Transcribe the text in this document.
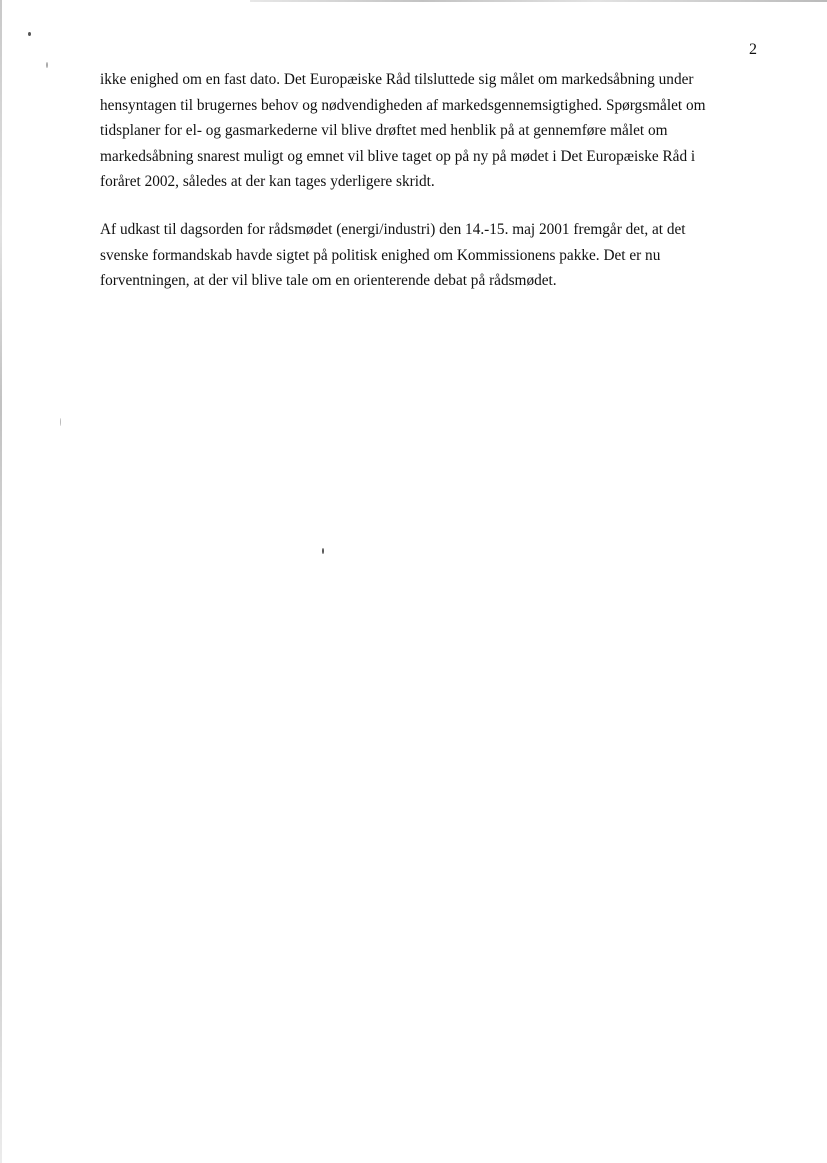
2
ikke enighed om en fast dato. Det Europæiske Råd tilsluttede sig målet om markedsåbning under
hensyntagen til brugernes behov og nødvendigheden af markedsgennemsigtighed. Spørgsmålet om
tidsplaner for el- og gasmarkederne vil blive drøftet med henblik på at gennemføre målet om
markedsåbning snarest muligt og emnet vil blive taget op på ny på mødet i Det Europæiske Råd i
foråret 2002, således at der kan tages yderligere skridt.
Af udkast til dagsorden for rådsmødet (energi/industri) den 14.-15. maj 2001 fremgår det, at det
svenske formandskab havde sigtet på politisk enighed om Kommissionens pakke. Det er nu
forventningen, at der vil blive tale om en orienterende debat på rådsmødet.
